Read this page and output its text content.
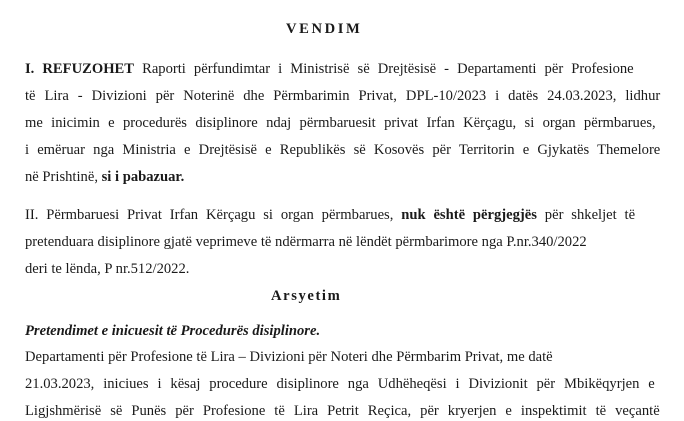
VENDIM
I. REFUZOHET Raporti përfundimtar i Ministrisë së Drejtësisë - Departamenti për Profesione
të Lira - Divizioni për Noterinë dhe Përmbarimin Privat, DPL-10/2023 i datës 24.03.2023, lidhur
me inicimin e procedurës disiplinore ndaj përmbaruesit privat Irfan Kërçagu, si organ përmbarues,
i emëruar nga Ministria e Drejtësisë e Republikës së Kosovës për Territorin e Gjykatës Themelore
në Prishtinë, si i pabazuar.
II. Përmbaruesi Privat Irfan Kërçagu si organ përmbarues, nuk është përgjegjës për shkeljet të
pretenduara disiplinore gjatë veprimeve të ndërmarra në lëndët përmbarimore nga P.nr.340/2022
deri te lënda, P nr.512/2022.
Arsyetim
Pretendimet e inicuesit të Procedurës disiplinore.
Departamenti për Profesione të Lira – Divizioni për Noteri dhe Përmbarim Privat, me datë
21.03.2023, iniciues i kësaj procedure disiplinore nga Udhëheqësi i Divizionit për Mbikëqyrjen e
Ligjshmërisë së Punës për Profesione të Lira Petrit Reçica, për kryerjen e inspektimit të veçantë
